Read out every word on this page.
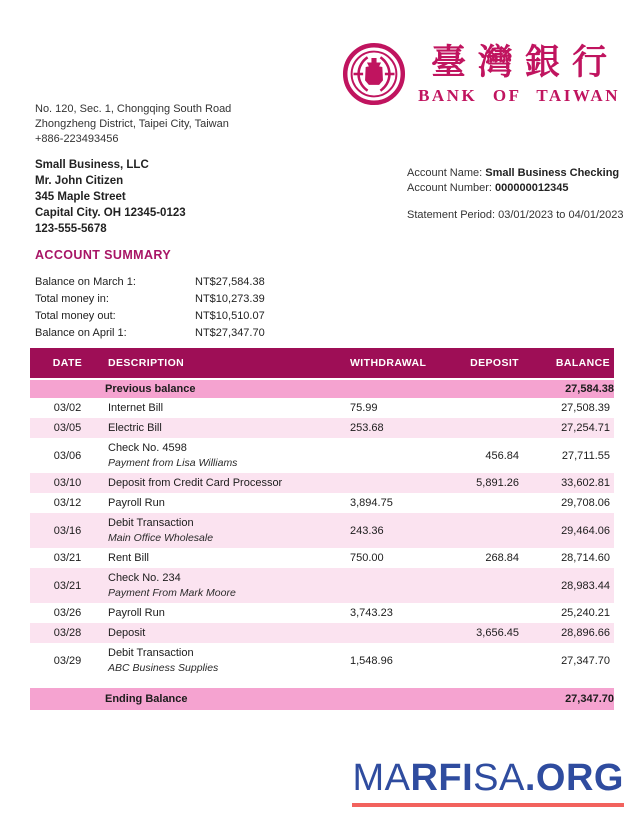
臺灣銀行
BANK OF TAIWAN
No. 120, Sec. 1, Chongqing South Road
Zhongzheng District, Taipei City, Taiwan
+886-223493456
Small Business, LLC
Mr. John Citizen
345 Maple Street
Capital City. OH 12345-0123
123-555-5678
Account Name: Small Business Checking
Account Number: 000000012345
Statement Period: 03/01/2023 to 04/01/2023
ACCOUNT SUMMARY
Balance on March 1:	NT$27,584.38
Total money in:	NT$10,273.39
Total money out:	NT$10,510.07
Balance on April 1:	NT$27,347.70
DATE	DESCRIPTION	WITHDRAWAL	DEPOSIT	BALANCE
	Previous balance			27,584.38
03/02	Internet Bill	75.99		27,508.39
03/05	Electric Bill	253.68		27,254.71
03/06	Check No. 4598
Payment from Lisa Williams		456.84	27,711.55
03/10	Deposit from Credit Card Processor		5,891.26	33,602.81
03/12	Payroll Run	3,894.75		29,708.06
03/16	Debit Transaction
Main Office Wholesale	243.36		29,464.06
03/21	Rent Bill	750.00	268.84	28,714.60
03/21	Check No. 234
Payment From Mark Moore			28,983.44
03/26	Payroll Run	3,743.23		25,240.21
03/28	Deposit		3,656.45	28,896.66
03/29	Debit Transaction
ABC Business Supplies	1,548.96		27,347.70

	Ending Balance			27,347.70
MARFISA.ORG
